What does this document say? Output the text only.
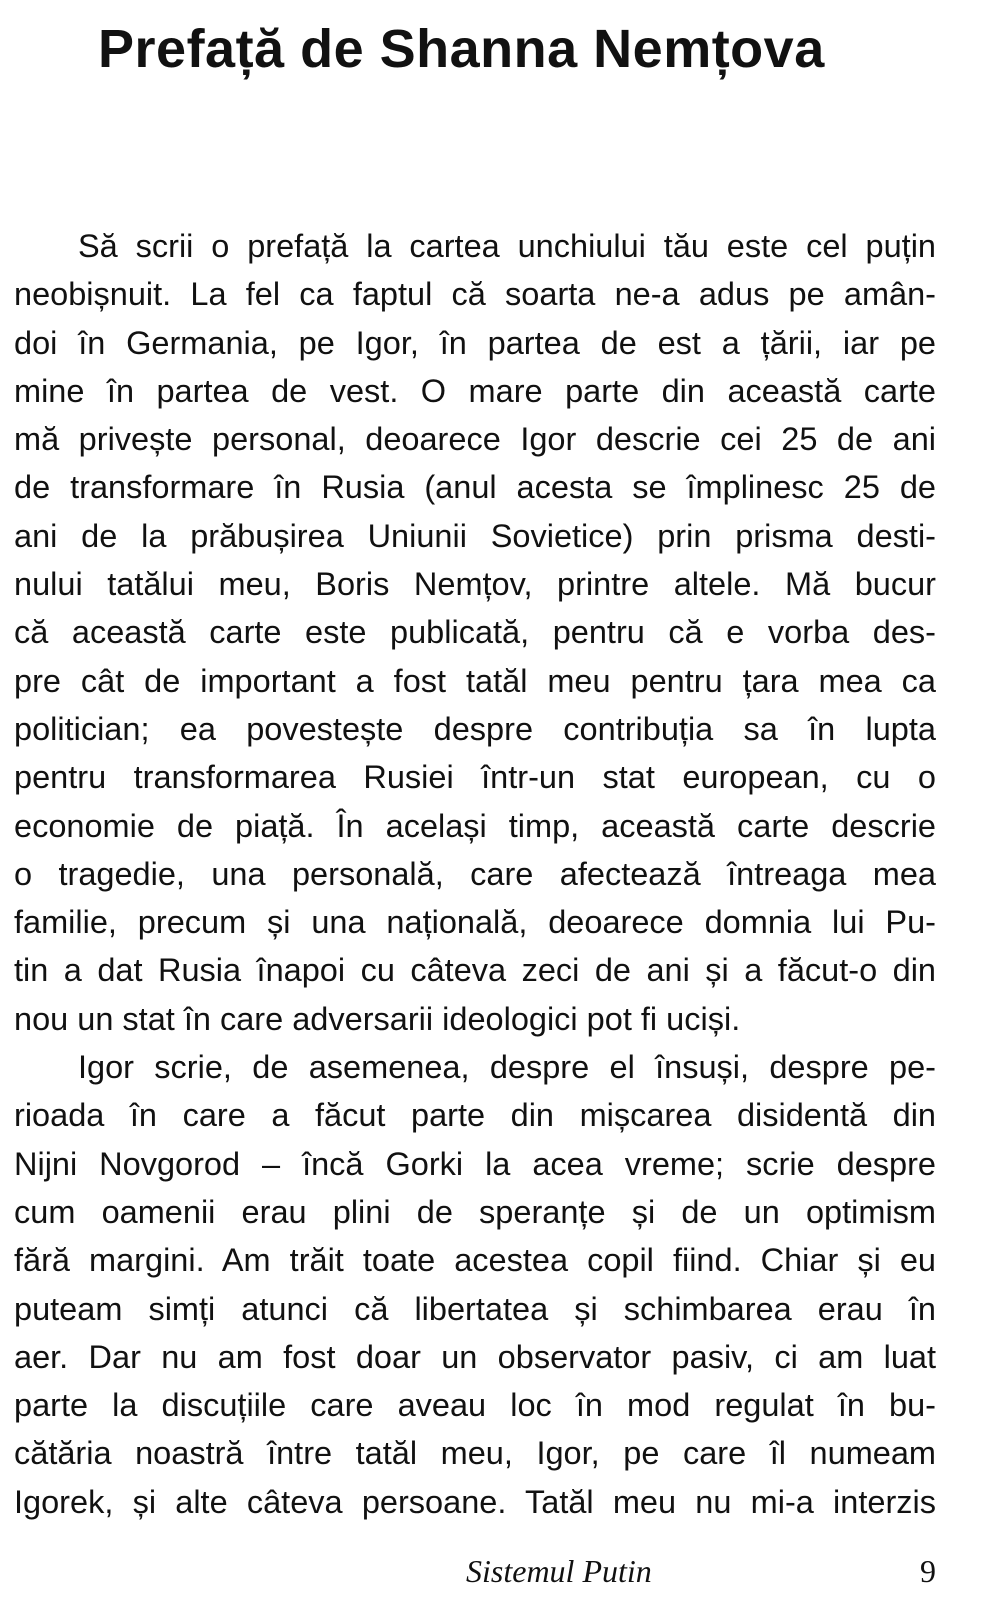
Prefață de Shanna Nemțova
Să scrii o prefață la cartea unchiului tău este cel puțin
neobișnuit. La fel ca faptul că soarta ne-a adus pe amân-
doi în Germania, pe Igor, în partea de est a țării, iar pe
mine în partea de vest. O mare parte din această carte
mă privește personal, deoarece Igor descrie cei 25 de ani
de transformare în Rusia (anul acesta se împlinesc 25 de
ani de la prăbușirea Uniunii Sovietice) prin prisma desti-
nului tatălui meu, Boris Nemțov, printre altele. Mă bucur
că această carte este publicată, pentru că e vorba des-
pre cât de important a fost tatăl meu pentru țara mea ca
politician; ea povestește despre contribuția sa în lupta
pentru transformarea Rusiei într-un stat european, cu o
economie de piață. În același timp, această carte descrie
o tragedie, una personală, care afectează întreaga mea
familie, precum și una națională, deoarece domnia lui Pu-
tin a dat Rusia înapoi cu câteva zeci de ani și a făcut-o din
nou un stat în care adversarii ideologici pot fi uciși.
Igor scrie, de asemenea, despre el însuși, despre pe-
rioada în care a făcut parte din mișcarea disidentă din
Nijni Novgorod – încă Gorki la acea vreme; scrie despre
cum oamenii erau plini de speranțe și de un optimism
fără margini. Am trăit toate acestea copil fiind. Chiar și eu
puteam simți atunci că libertatea și schimbarea erau în
aer. Dar nu am fost doar un observator pasiv, ci am luat
parte la discuțiile care aveau loc în mod regulat în bu-
cătăria noastră între tatăl meu, Igor, pe care îl numeam
Igorek, și alte câteva persoane. Tatăl meu nu mi-a interzis
Sistemul Putin	9
